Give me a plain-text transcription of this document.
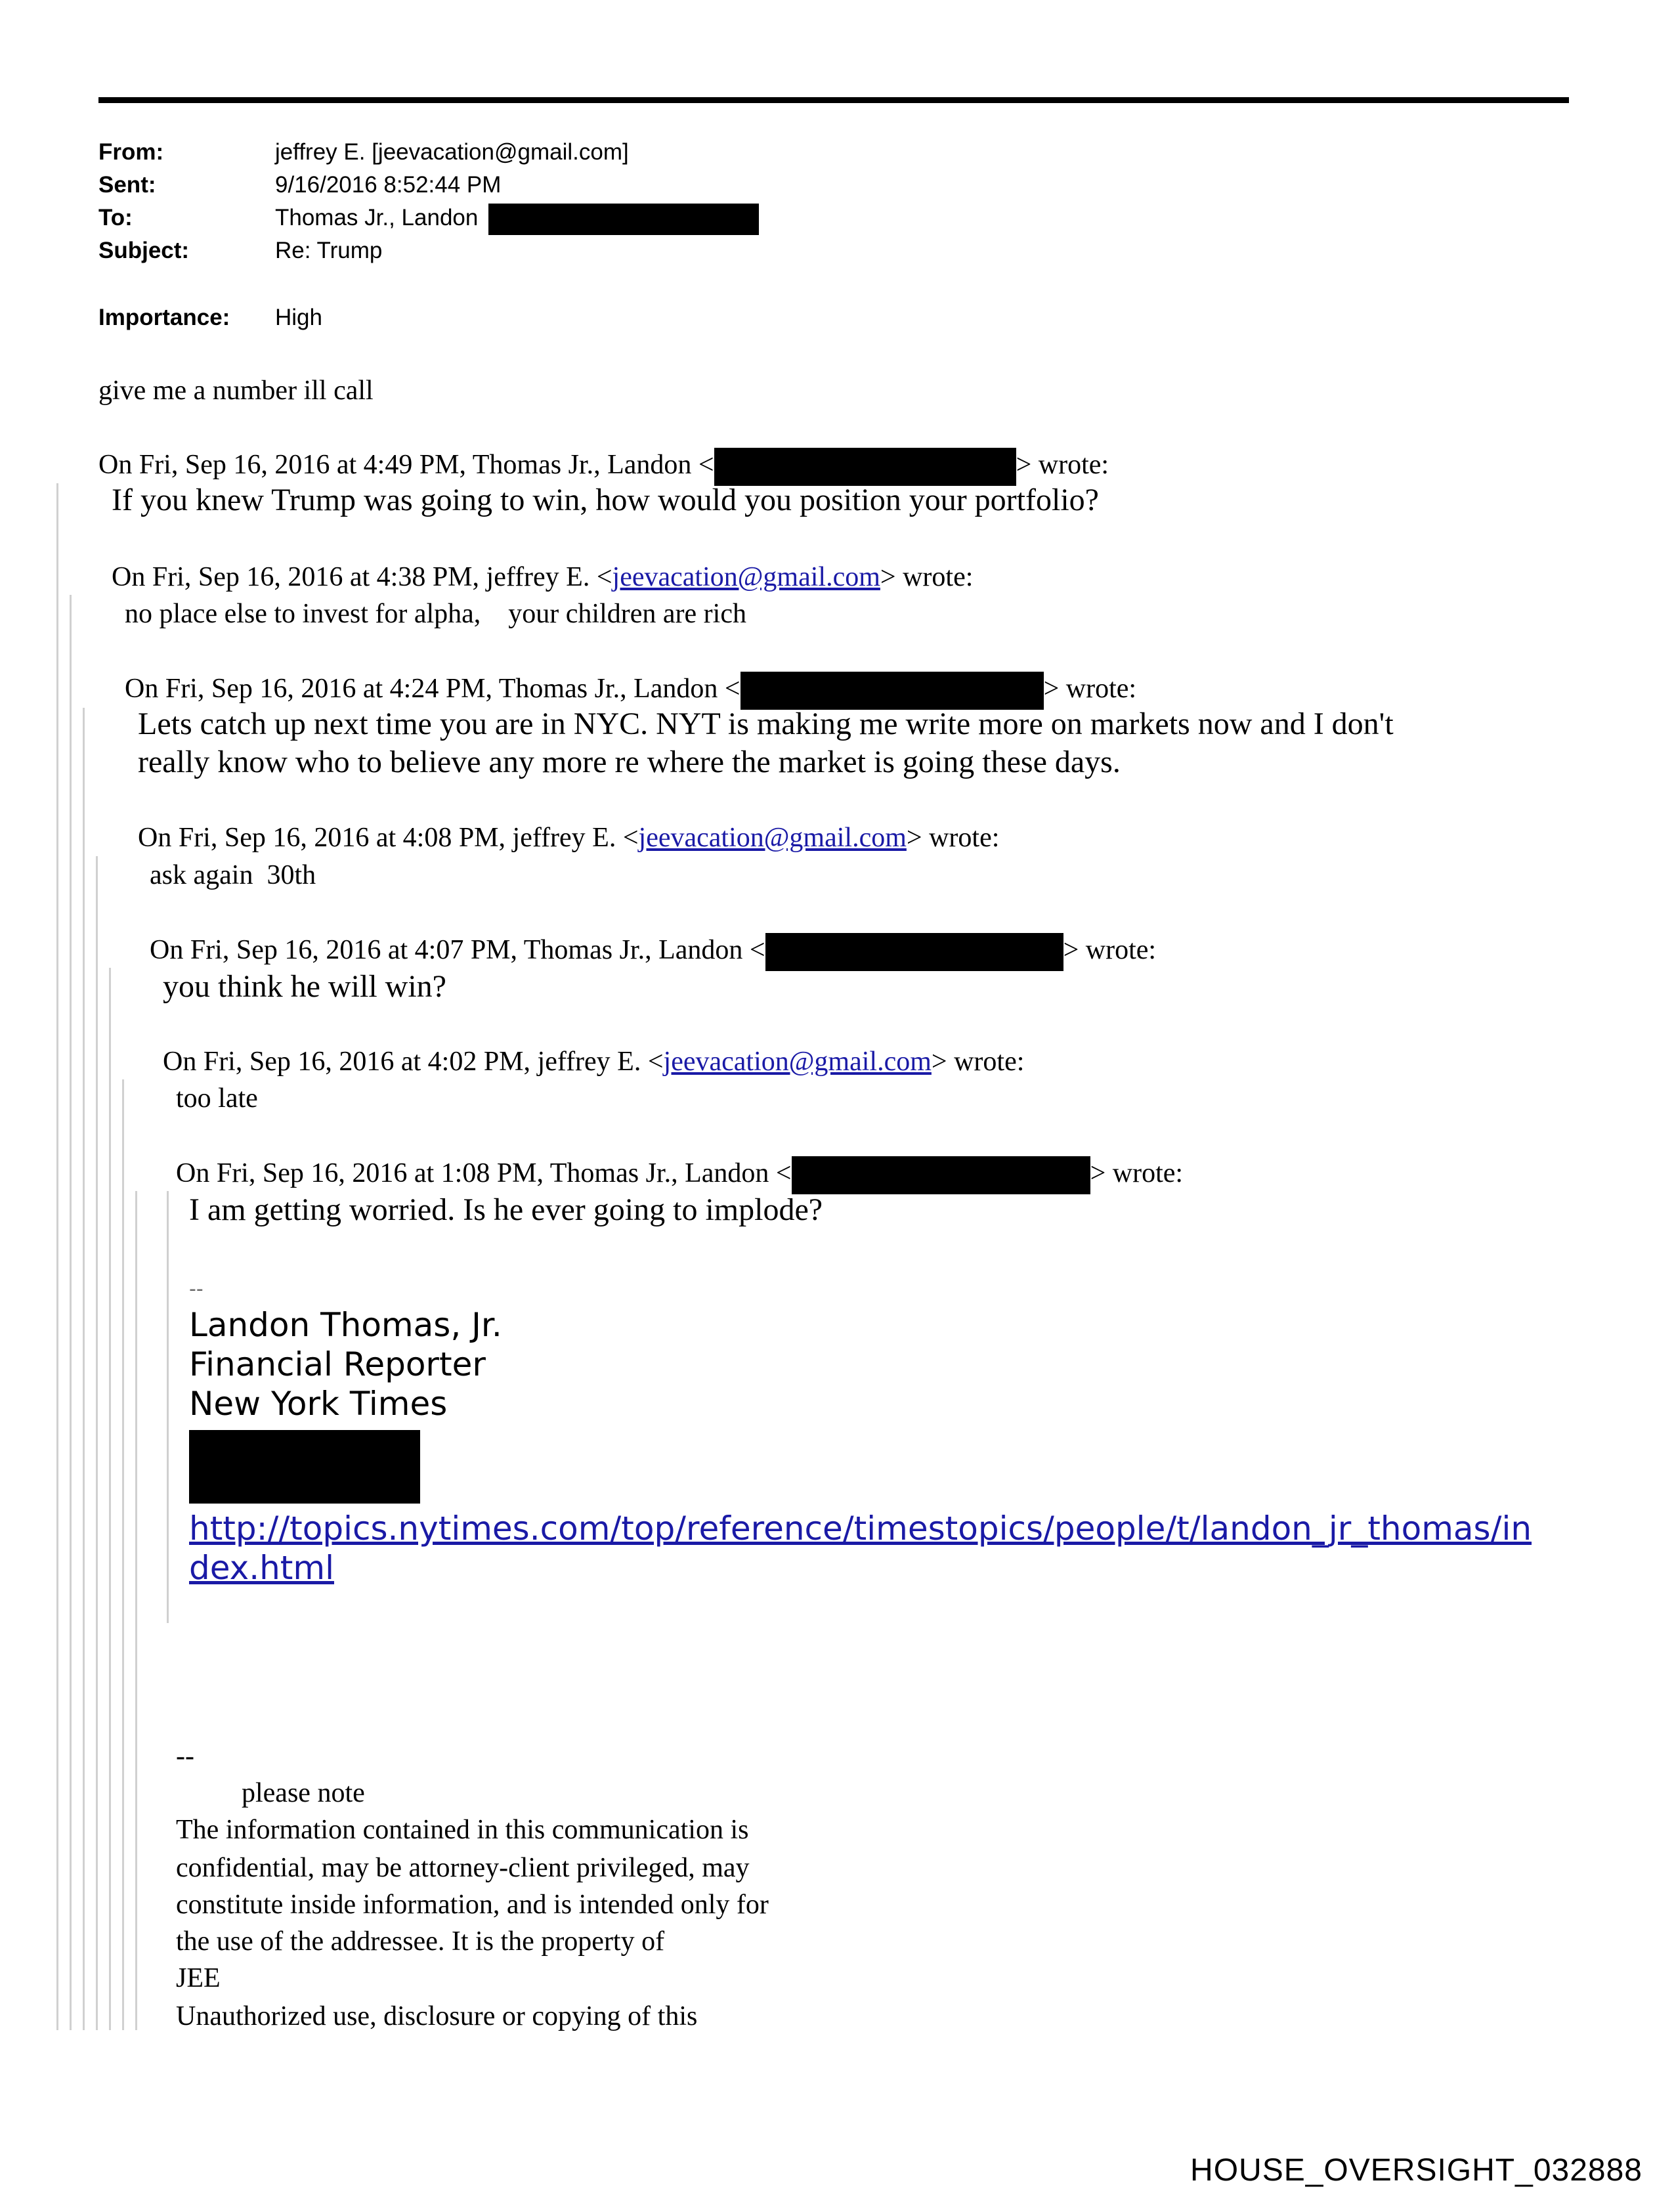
From:	jeffrey E. [jeevacation@gmail.com]
Sent:	9/16/2016 8:52:44 PM
To:	Thomas Jr., Landon
Subject:	Re: Trump
Importance: High
give me a number ill call
On Fri, Sep 16, 2016 at 4:49 PM, Thomas Jr., Landon <	> wrote:
If you knew Trump was going to win, how would you position your portfolio?
On Fri, Sep 16, 2016 at 4:38 PM, jeffrey E. <jeevacation@gmail.com> wrote:
no place else to invest for alpha,    your children are rich
On Fri, Sep 16, 2016 at 4:24 PM, Thomas Jr., Landon <	> wrote:
Lets catch up next time you are in NYC. NYT is making me write more on markets now and I don't
really know who to believe any more re where the market is going these days.
On Fri, Sep 16, 2016 at 4:08 PM, jeffrey E. <jeevacation@gmail.com> wrote:
ask again  30th
On Fri, Sep 16, 2016 at 4:07 PM, Thomas Jr., Landon <	> wrote:
you think he will win?
On Fri, Sep 16, 2016 at 4:02 PM, jeffrey E. <jeevacation@gmail.com> wrote:
too late
On Fri, Sep 16, 2016 at 1:08 PM, Thomas Jr., Landon <	> wrote:
I am getting worried. Is he ever going to implode?
--
Landon Thomas, Jr.
Financial Reporter
New York Times
http://topics.nytimes.com/top/reference/timestopics/people/t/landon_jr_thomas/in
dex.html
--
please note
The information contained in this communication is
confidential, may be attorney-client privileged, may
constitute inside information, and is intended only for
the use of the addressee. It is the property of
JEE
Unauthorized use, disclosure or copying of this
HOUSE_OVERSIGHT_032888
